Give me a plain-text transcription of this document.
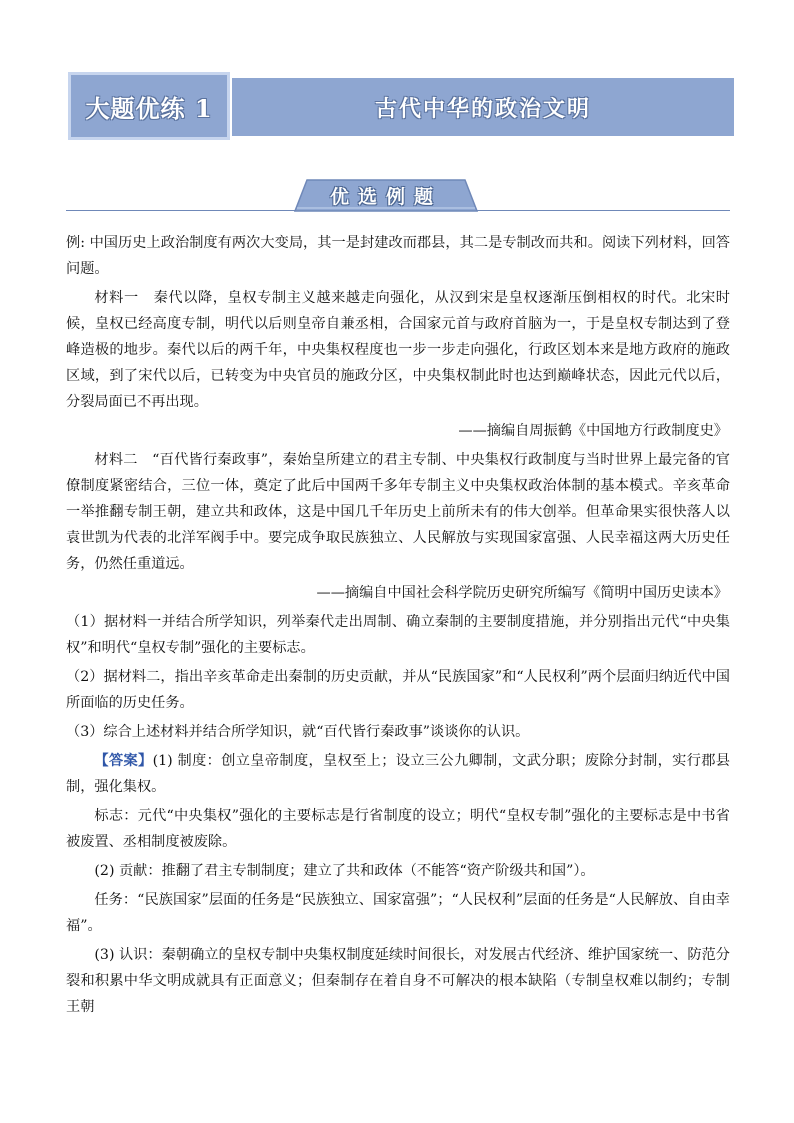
大题优练 1	古代中华的政治文明
优选例题

例: 中国历史上政治制度有两次大变局，其一是封建改而郡县，其二是专制改而共和。阅读下列材料，回答问题。

材料一　秦代以降，皇权专制主义越来越走向强化，从汉到宋是皇权逐渐压倒相权的时代。北宋时候，皇权已经高度专制，明代以后则皇帝自兼丞相，合国家元首与政府首脑为一，于是皇权专制达到了登峰造极的地步。秦代以后的两千年，中央集权程度也一步一步走向强化，行政区划本来是地方政府的施政区域，到了宋代以后，已转变为中央官员的施政分区，中央集权制此时也达到巅峰状态，因此元代以后，分裂局面已不再出现。

——摘编自周振鹤《中国地方行政制度史》

材料二　“百代皆行秦政事”，秦始皇所建立的君主专制、中央集权行政制度与当时世界上最完备的官僚制度紧密结合，三位一体，奠定了此后中国两千多年专制主义中央集权政治体制的基本模式。辛亥革命一举推翻专制王朝，建立共和政体，这是中国几千年历史上前所未有的伟大创举。但革命果实很快落人以袁世凯为代表的北洋军阀手中。要完成争取民族独立、人民解放与实现国家富强、人民幸福这两大历史任务，仍然任重道远。

——摘编自中国社会科学院历史研究所编写《简明中国历史读本》

（1）据材料一并结合所学知识，列举秦代走出周制、确立秦制的主要制度措施，并分别指出元代“中央集权”和明代“皇权专制”强化的主要标志。

（2）据材料二，指出辛亥革命走出秦制的历史贡献，并从“民族国家”和“人民权利”两个层面归纳近代中国所面临的历史任务。

（3）综合上述材料并结合所学知识，就“百代皆行秦政事”谈谈你的认识。

【答案】(1) 制度：创立皇帝制度，皇权至上；设立三公九卿制，文武分职；废除分封制，实行郡县制，强化集权。

标志：元代“中央集权”强化的主要标志是行省制度的设立；明代“皇权专制”强化的主要标志是中书省被废置、丞相制度被废除。

(2) 贡献：推翻了君主专制制度；建立了共和政体（不能答“资产阶级共和国”）。

任务：“民族国家”层面的任务是“民族独立、国家富强”；“人民权利”层面的任务是“人民解放、自由幸福”。

(3) 认识：秦朝确立的皇权专制中央集权制度延续时间很长，对发展古代经济、维护国家统一、防范分裂和积累中华文明成就具有正面意义；但秦制存在着自身不可解决的根本缺陷（专制皇权难以制约；专制王朝
